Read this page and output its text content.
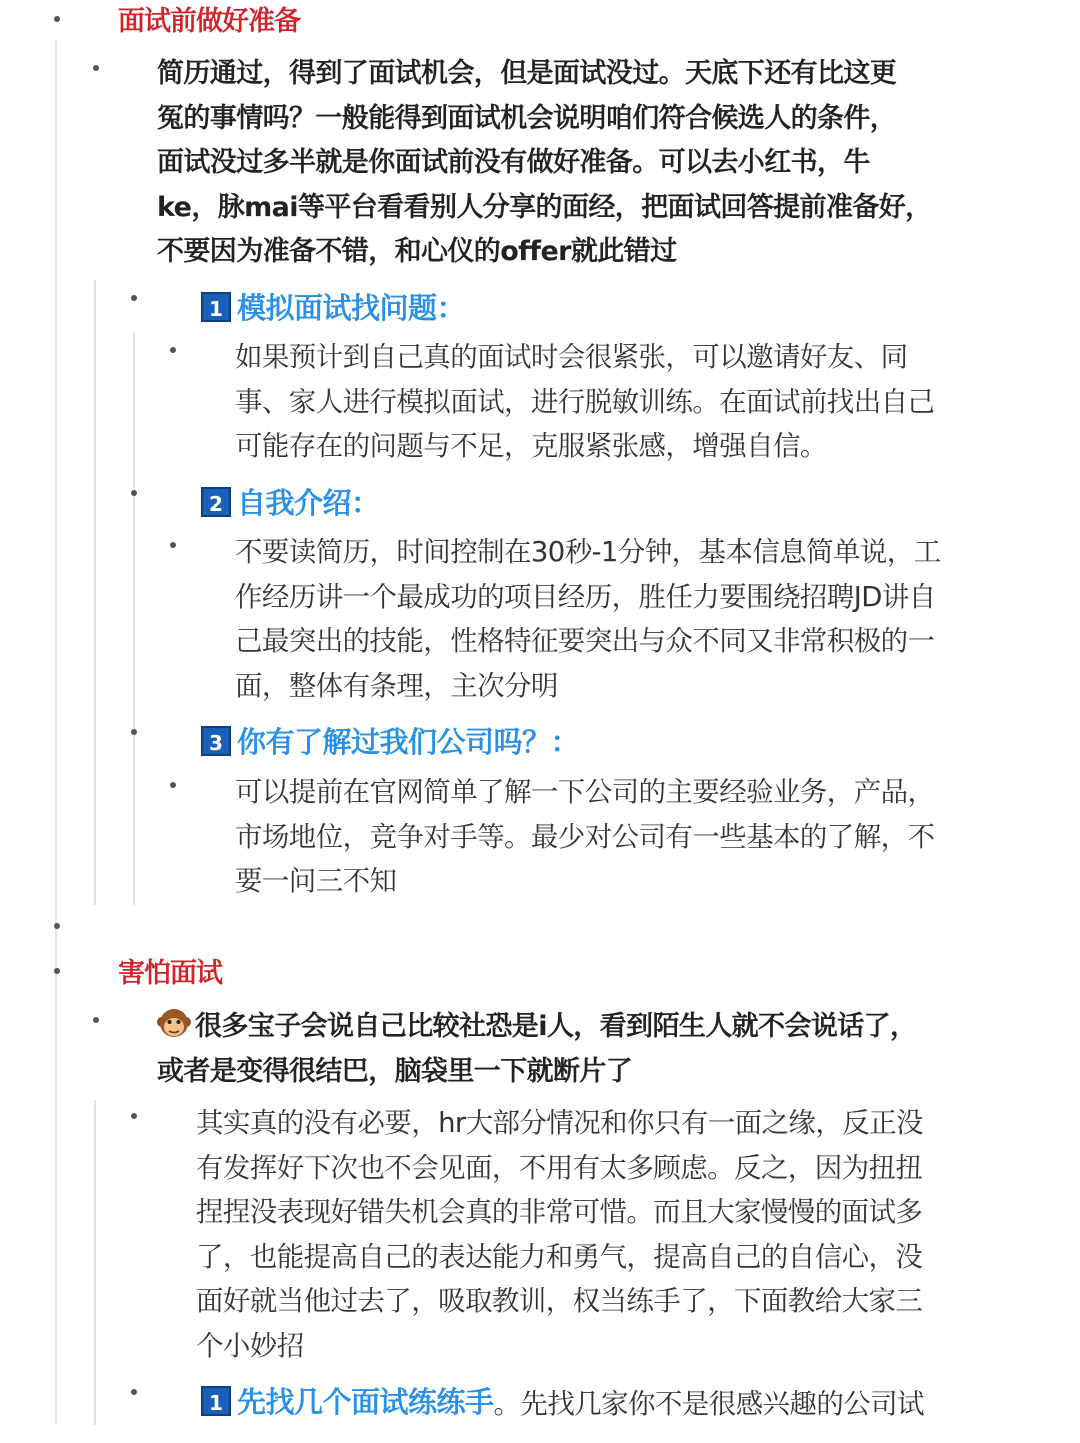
面试前做好准备
简历通过，得到了面试机会，但是面试没过。天底下还有比这更
冤的事情吗？一般能得到面试机会说明咱们符合候选人的条件，
面试没过多半就是你面试前没有做好准备。可以去小红书，牛
ke，脉mai等平台看看别人分享的面经，把面试回答提前准备好，
不要因为准备不错，和心仪的offer就此错过
1 模拟面试找问题：
如果预计到自己真的面试时会很紧张，可以邀请好友、同
事、家人进行模拟面试，进行脱敏训练。在面试前找出自己
可能存在的问题与不足，克服紧张感，增强自信。
2 自我介绍：
不要读简历，时间控制在30秒-1分钟，基本信息简单说，工
作经历讲一个最成功的项目经历，胜任力要围绕招聘JD讲自
己最突出的技能，性格特征要突出与众不同又非常积极的一
面，整体有条理，主次分明
3 你有了解过我们公司吗？：
可以提前在官网简单了解一下公司的主要经验业务，产品，
市场地位，竞争对手等。最少对公司有一些基本的了解，不
要一问三不知
害怕面试
很多宝子会说自己比较社恐是i人，看到陌生人就不会说话了，
或者是变得很结巴，脑袋里一下就断片了
其实真的没有必要，hr大部分情况和你只有一面之缘，反正没
有发挥好下次也不会见面，不用有太多顾虑。反之，因为扭扭
捏捏没表现好错失机会真的非常可惜。而且大家慢慢的面试多
了，也能提高自己的表达能力和勇气，提高自己的自信心，没
面好就当他过去了，吸取教训，权当练手了，下面教给大家三
个小妙招
1 先找几个面试练练手 。先找几家你不是很感兴趣的公司试
